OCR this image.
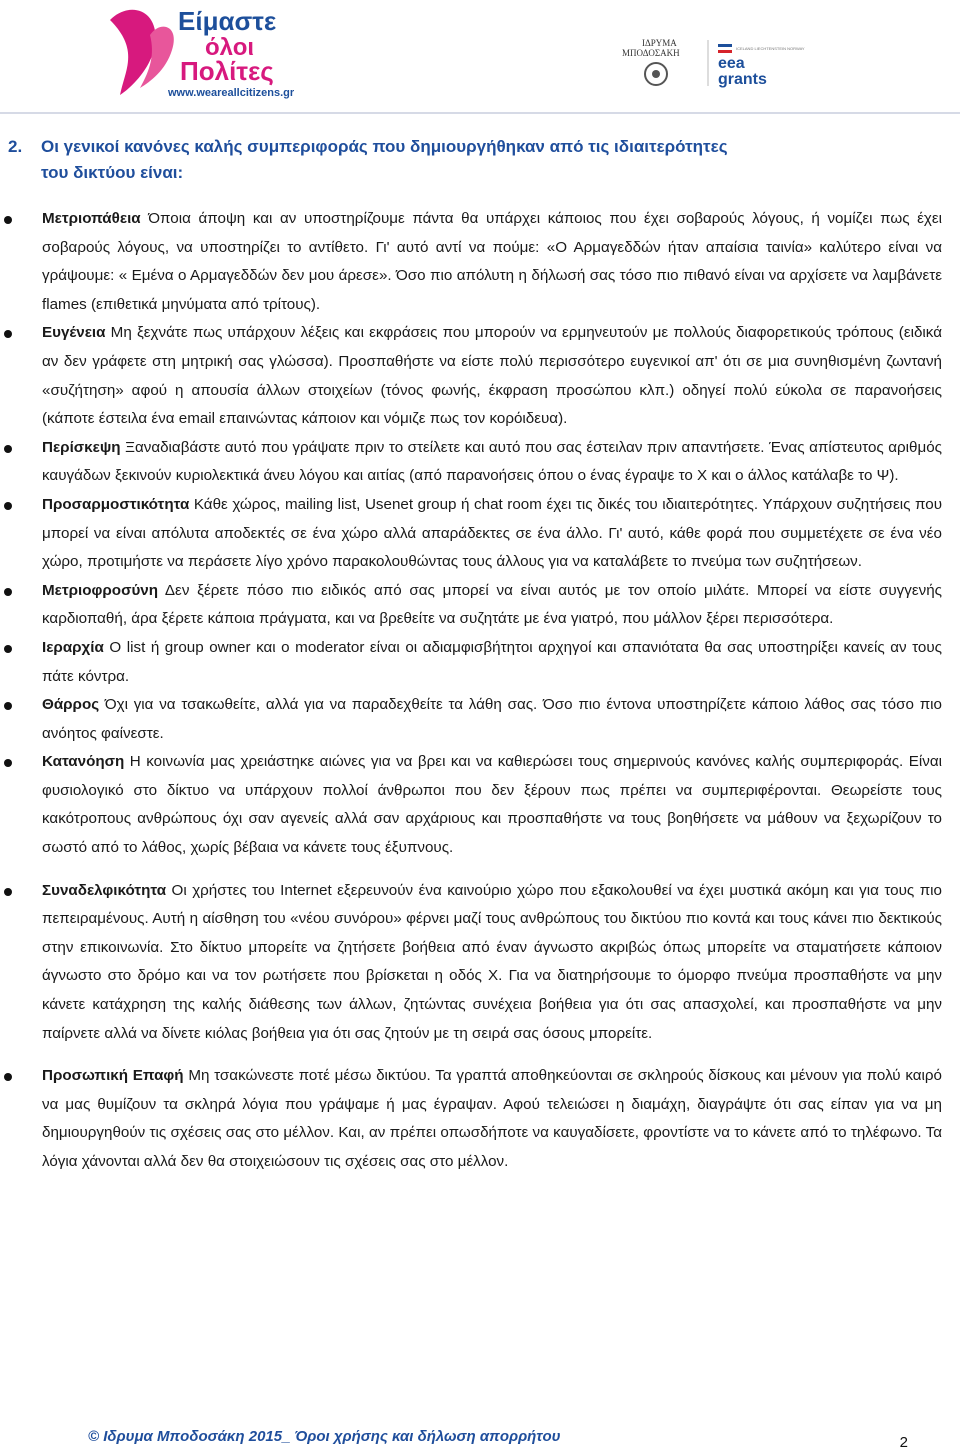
Είμαστε
όλοι
Πολίτες
www.weareallcitizens.gr
ΙΔΡΥΜΑ
ΜΠΟΔΟΣΑΚΗ	ICELAND LIECHTENSTEIN NORWAY
eea
grants
2. Οι γενικοί κανόνες καλής συμπεριφοράς που δημιουργήθηκαν από τις ιδιαιτερότητες
του δικτύου είναι:
Μετριοπάθεια Όποια άποψη και αν υποστηρίζουμε πάντα θα υπάρχει κάποιος που έχει σοβαρούς λόγους, ή νομίζει πως έχει σοβαρούς λόγους, να υποστηρίζει το αντίθετο. Γι' αυτό αντί να πούμε: «Ο Αρμαγεδδών ήταν απαίσια ταινία» καλύτερο είναι να γράψουμε: « Εμένα ο Αρμαγεδδών δεν μου άρεσε». Όσο πιο απόλυτη η δήλωσή σας τόσο πιο πιθανό είναι να αρχίσετε να λαμβάνετε flames (επιθετικά μηνύματα από τρίτους).
Ευγένεια Μη ξεχνάτε πως υπάρχουν λέξεις και εκφράσεις που μπορούν να ερμηνευτούν με πολλούς διαφορετικούς τρόπους (ειδικά αν δεν γράφετε στη μητρική σας γλώσσα). Προσπαθήστε να είστε πολύ περισσότερο ευγενικοί απ' ότι σε μια συνηθισμένη ζωντανή «συζήτηση» αφού η απουσία άλλων στοιχείων (τόνος φωνής, έκφραση προσώπου κλπ.) οδηγεί πολύ εύκολα σε παρανοήσεις (κάποτε έστειλα ένα email επαινώντας κάποιον και νόμιζε πως τον κορόιδευα).
Περίσκεψη Ξαναδιαβάστε αυτό που γράψατε πριν το στείλετε και αυτό που σας έστειλαν πριν απαντήσετε. Ένας απίστευτος αριθμός καυγάδων ξεκινούν κυριολεκτικά άνευ λόγου και αιτίας (από παρανοήσεις όπου ο ένας έγραψε το Χ και ο άλλος κατάλαβε το Ψ).
Προσαρμοστικότητα Κάθε χώρος, mailing list, Usenet group ή chat room έχει τις δικές του ιδιαιτερότητες. Υπάρχουν συζητήσεις που μπορεί να είναι απόλυτα αποδεκτές σε ένα χώρο αλλά απαράδεκτες σε ένα άλλο. Γι' αυτό, κάθε φορά που συμμετέχετε σε ένα νέο χώρο, προτιμήστε να περάσετε λίγο χρόνο παρακολουθώντας τους άλλους για να καταλάβετε το πνεύμα των συζητήσεων.
Μετριοφροσύνη Δεν ξέρετε πόσο πιο ειδικός από σας μπορεί να είναι αυτός με τον οποίο μιλάτε. Μπορεί να είστε συγγενής καρδιοπαθή, άρα ξέρετε κάποια πράγματα, και να βρεθείτε να συζητάτε με ένα γιατρό, που μάλλον ξέρει περισσότερα.
Ιεραρχία Ο list ή group owner και ο moderator είναι οι αδιαμφισβήτητοι αρχηγοί και σπανιότατα θα σας υποστηρίξει κανείς αν τους πάτε κόντρα.
Θάρρος Όχι για να τσακωθείτε, αλλά για να παραδεχθείτε τα λάθη σας. Όσο πιο έντονα υποστηρίζετε κάποιο λάθος σας τόσο πιο ανόητος φαίνεστε.
Κατανόηση Η κοινωνία μας χρειάστηκε αιώνες για να βρει και να καθιερώσει τους σημερινούς κανόνες καλής συμπεριφοράς. Είναι φυσιολογικό στο δίκτυο να υπάρχουν πολλοί άνθρωποι που δεν ξέρουν πως πρέπει να συμπεριφέρονται. Θεωρείστε τους κακότροπους ανθρώπους όχι σαν αγενείς αλλά σαν αρχάριους και προσπαθήστε να τους βοηθήσετε να μάθουν να ξεχωρίζουν το σωστό από το λάθος, χωρίς βέβαια να κάνετε τους έξυπνους.
Συναδελφικότητα Οι χρήστες του Internet εξερευνούν ένα καινούριο χώρο που εξακολουθεί να έχει μυστικά ακόμη και για τους πιο πεπειραμένους. Αυτή η αίσθηση του «νέου συνόρου» φέρνει μαζί τους ανθρώπους του δικτύου πιο κοντά και τους κάνει πιο δεκτικούς στην επικοινωνία. Στο δίκτυο μπορείτε να ζητήσετε βοήθεια από έναν άγνωστο ακριβώς όπως μπορείτε να σταματήσετε κάποιον άγνωστο στο δρόμο και να τον ρωτήσετε που βρίσκεται η οδός Χ. Για να διατηρήσουμε το όμορφο πνεύμα προσπαθήστε να μην κάνετε κατάχρηση της καλής διάθεσης των άλλων, ζητώντας συνέχεια βοήθεια για ότι σας απασχολεί, και προσπαθήστε να μην παίρνετε αλλά να δίνετε κιόλας βοήθεια για ότι σας ζητούν με τη σειρά σας όσους μπορείτε.
Προσωπική Επαφή Μη τσακώνεστε ποτέ μέσω δικτύου. Τα γραπτά αποθηκεύονται σε σκληρούς δίσκους και μένουν για πολύ καιρό να μας θυμίζουν τα σκληρά λόγια που γράψαμε ή μας έγραψαν. Αφού τελειώσει η διαμάχη, διαγράψτε ότι σας είπαν για να μη δημιουργηθούν τις σχέσεις σας στο μέλλον. Και, αν πρέπει οπωσδήποτε να καυγαδίσετε, φροντίστε να το κάνετε από το τηλέφωνο. Τα λόγια χάνονται αλλά δεν θα στοιχειώσουν τις σχέσεις σας στο μέλλον.
© Ιδρυμα Μποδοσάκη 2015_ Όροι χρήσης και δήλωση απορρήτου	2
